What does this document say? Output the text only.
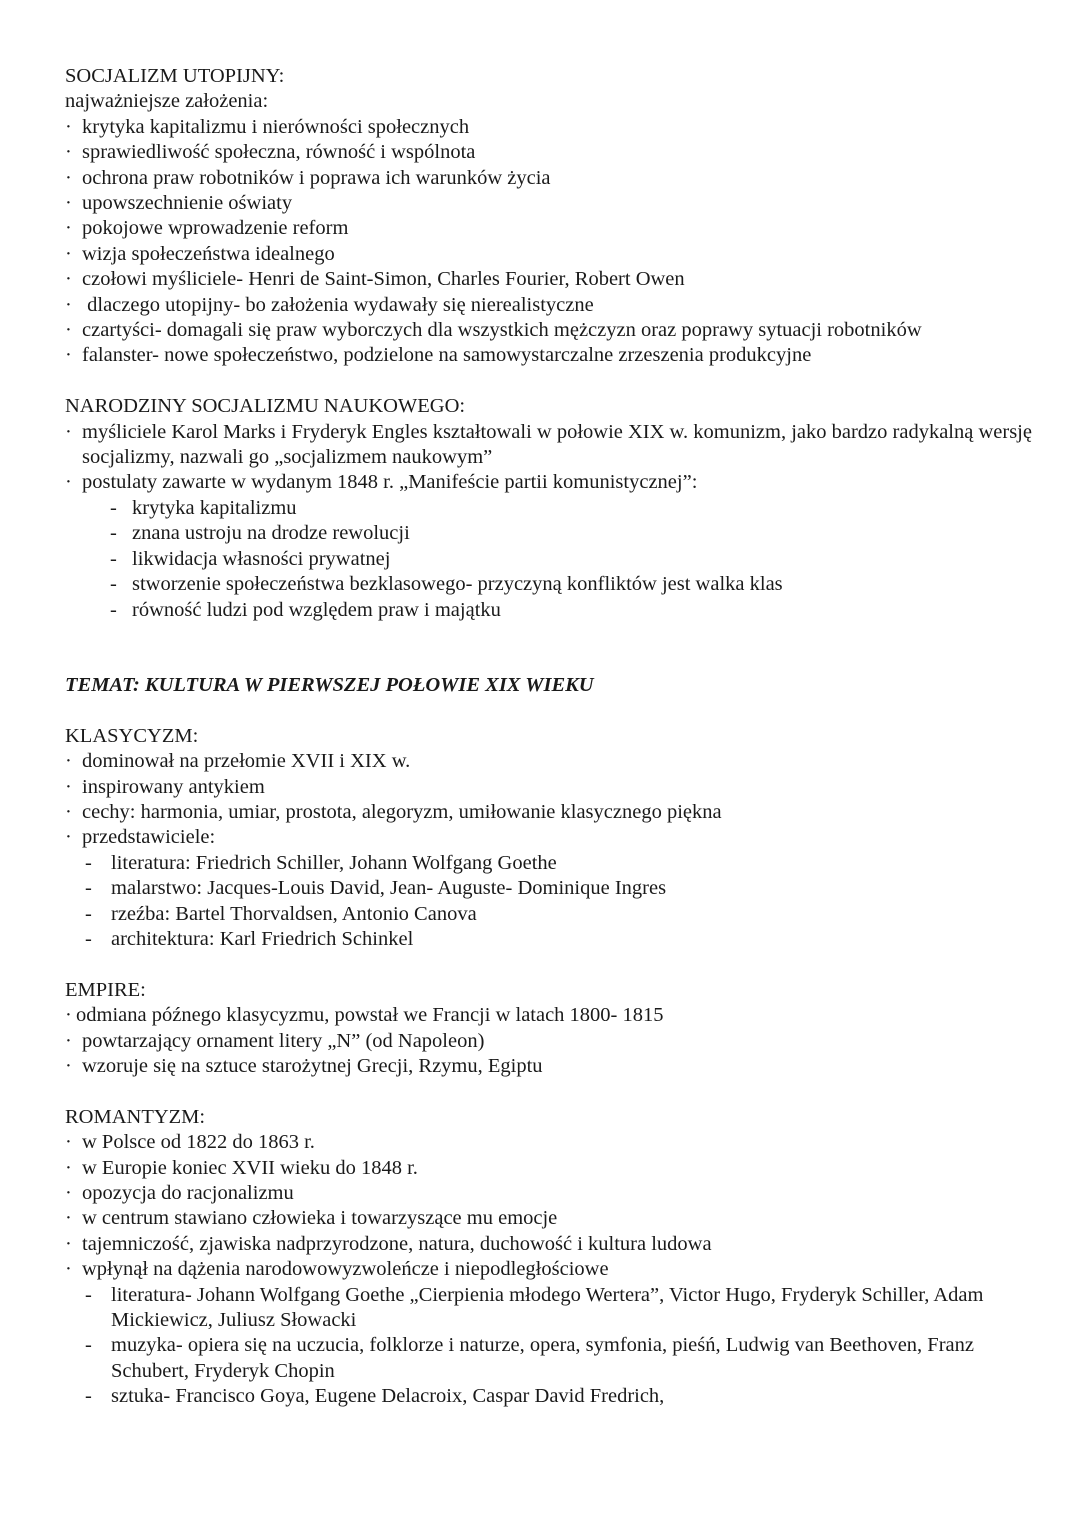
SOCJALIZM UTOPIJNY:
najważniejsze założenia:
· krytyka kapitalizmu i nierówności społecznych
· sprawiedliwość społeczna, równość i wspólnota
· ochrona praw robotników i poprawa ich warunków życia
· upowszechnienie oświaty
· pokojowe wprowadzenie reform
· wizja społeczeństwa idealnego
· czołowi myśliciele- Henri de Saint-Simon, Charles Fourier, Robert Owen
·  dlaczego utopijny- bo założenia wydawały się nierealistyczne
· czartyści- domagali się praw wyborczych dla wszystkich mężczyzn oraz poprawy sytuacji robotników
· falanster- nowe społeczeństwo, podzielone na samowystarczalne zrzeszenia produkcyjne
NARODZINY SOCJALIZMU NAUKOWEGO:
· myśliciele Karol Marks i Fryderyk Engles kształtowali w połowie XIX w. komunizm, jako bardzo radykalną wersję socjalizmy, nazwali go „socjalizmem naukowym”
· postulaty zawarte w wydanym 1848 r. „Manifeście partii komunistycznej”:
- krytyka kapitalizmu
- znana ustroju na drodze rewolucji
- likwidacja własności prywatnej
- stworzenie społeczeństwa bezklasowego- przyczyną konfliktów jest walka klas
- równość ludzi pod względem praw i majątku
TEMAT: KULTURA W PIERWSZEJ POŁOWIE XIX WIEKU
KLASYCYZM:
· dominował na przełomie XVII i XIX w.
· inspirowany antykiem
· cechy: harmonia, umiar, prostota, alegoryzm, umiłowanie klasycznego piękna
· przedstawiciele:
- literatura: Friedrich Schiller, Johann Wolfgang Goethe
- malarstwo: Jacques-Louis David, Jean- Auguste- Dominique Ingres
- rzeźba: Bartel Thorvaldsen, Antonio Canova
- architektura: Karl Friedrich Schinkel
EMPIRE:
· odmiana późnego klasycyzmu, powstał we Francji w latach 1800- 1815
· powtarzający ornament litery „N” (od Napoleon)
· wzoruje się na sztuce starożytnej Grecji, Rzymu, Egiptu
ROMANTYZM:
· w Polsce od 1822 do 1863 r.
· w Europie koniec XVII wieku do 1848 r.
· opozycja do racjonalizmu
· w centrum stawiano człowieka i towarzyszące mu emocje
· tajemniczość, zjawiska nadprzyrodzone, natura, duchowość i kultura ludowa
· wpłynął na dążenia narodowowyzwoleńcze i niepodległościowe
- literatura- Johann Wolfgang Goethe „Cierpienia młodego Wertera”, Victor Hugo, Fryderyk Schiller, Adam Mickiewicz, Juliusz Słowacki
- muzyka- opiera się na uczucia, folklorze i naturze, opera, symfonia, pieśń, Ludwig van Beethoven, Franz Schubert, Fryderyk Chopin
- sztuka- Francisco Goya, Eugene Delacroix, Caspar David Fredrich,
